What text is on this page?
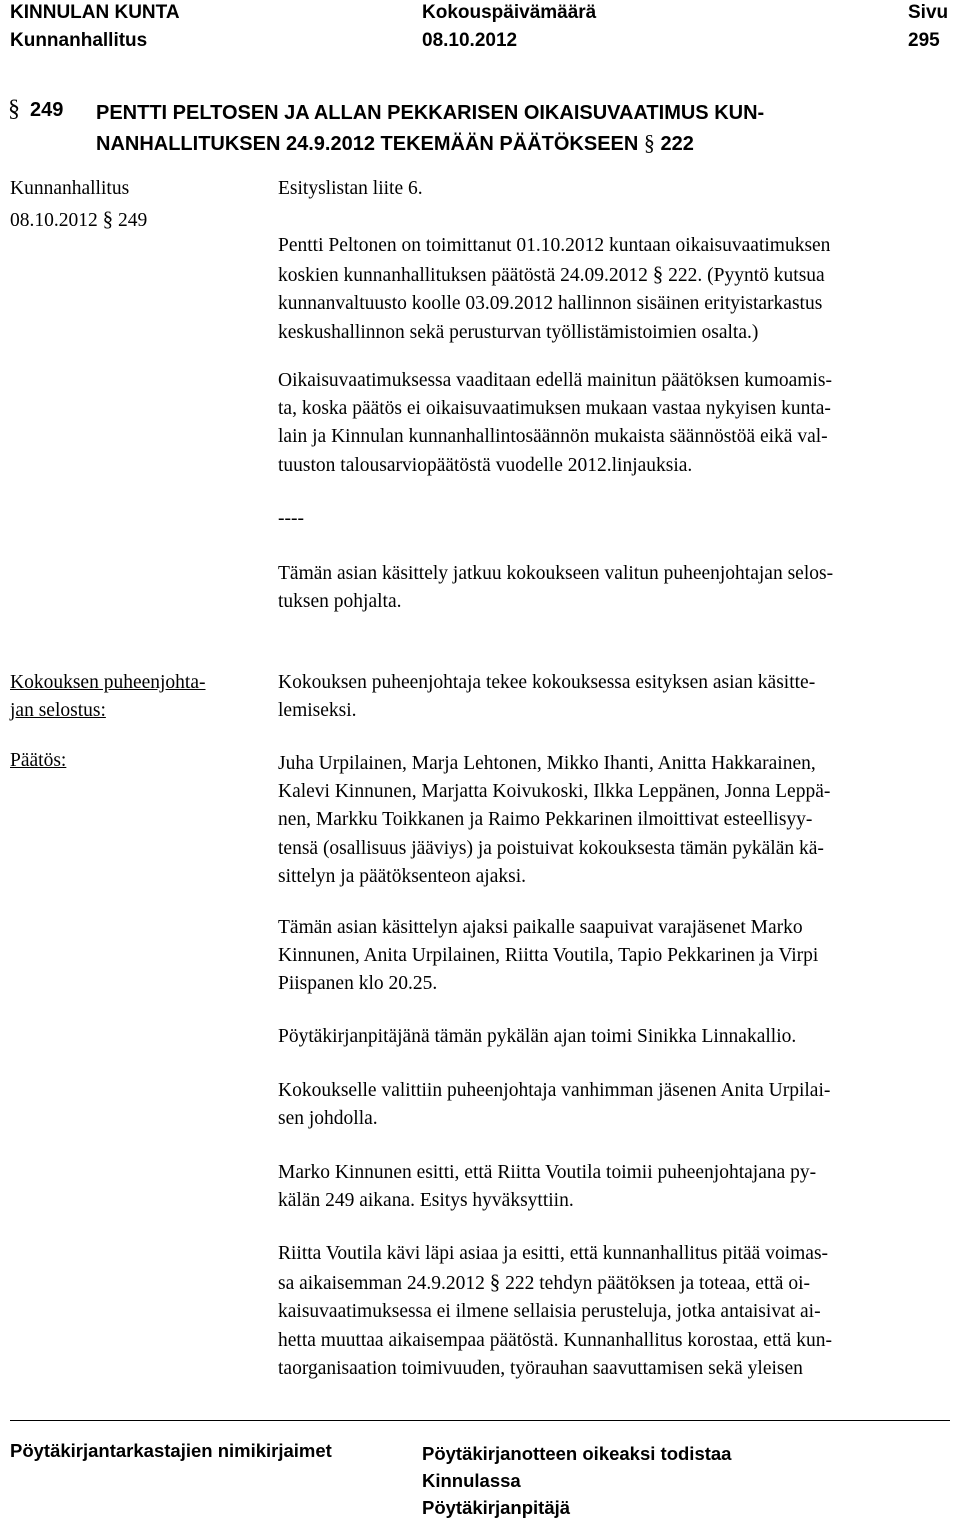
KINNULAN KUNTA
Kunnanhallitus
Kokouspäivämäärä
08.10.2012
Sivu
295
§ 249 PENTTI PELTOSEN JA ALLAN PEKKARISEN OIKAISUVAATIMUS KUN-
NANHALLITUKSEN 24.9.2012 TEKEMÄÄN PÄÄTÖKSEEN § 222
Kunnanhallitus
08.10.2012 § 249
Esityslistan liite 6.
Pentti Peltonen on toimittanut 01.10.2012 kuntaan oikaisuvaatimuksen
koskien kunnanhallituksen päätöstä 24.09.2012 § 222. (Pyyntö kutsua
kunnanvaltuusto koolle 03.09.2012 hallinnon sisäinen erityistarkastus
keskushallinnon sekä perusturvan työllistämistoimien osalta.)
Oikaisuvaatimuksessa vaaditaan edellä mainitun päätöksen kumoamis-
ta, koska päätös ei oikaisuvaatimuksen mukaan vastaa nykyisen kunta-
lain ja Kinnulan kunnanhallintosäännön mukaista säännöstöä eikä val-
tuuston talousarviopäätöstä vuodelle 2012.linjauksia.
----
Tämän asian käsittely jatkuu kokoukseen valitun puheenjohtajan selos-
tuksen pohjalta.
Kokouksen puheenjohta-
jan selostus:
Kokouksen puheenjohtaja tekee kokouksessa esityksen asian käsitte-
lemiseksi.
Päätös:	Juha Urpilainen, Marja Lehtonen, Mikko Ihanti, Anitta Hakkarainen,
Kalevi Kinnunen, Marjatta Koivukoski, Ilkka Leppänen, Jonna Leppä-
nen, Markku Toikkanen ja Raimo Pekkarinen ilmoittivat esteellisyy-
tensä (osallisuus jääviys) ja poistuivat kokouksesta tämän pykälän kä-
sittelyn ja päätöksenteon ajaksi.
Tämän asian käsittelyn ajaksi paikalle saapuivat varajäsenet Marko
Kinnunen, Anita Urpilainen, Riitta Voutila, Tapio Pekkarinen ja Virpi
Piispanen klo 20.25.
Pöytäkirjanpitäjänä tämän pykälän ajan toimi Sinikka Linnakallio.
Kokoukselle valittiin puheenjohtaja vanhimman jäsenen Anita Urpilai-
sen johdolla.
Marko Kinnunen esitti, että Riitta Voutila toimii puheenjohtajana py-
kälän 249 aikana. Esitys hyväksyttiin.
Riitta Voutila kävi läpi asiaa ja esitti, että kunnanhallitus pitää voimas-
sa aikaisemman 24.9.2012 § 222 tehdyn päätöksen ja toteaa, että oi-
kaisuvaatimuksessa ei ilmene sellaisia perusteluja, jotka antaisivat ai-
hetta muuttaa aikaisempaa päätöstä. Kunnanhallitus korostaa, että kun-
taorganisaation toimivuuden, työrauhan saavuttamisen sekä yleisen
Pöytäkirjantarkastajien nimikirjaimet	Pöytäkirjanotteen oikeaksi todistaa
Kinnulassa
Pöytäkirjanpitäjä
